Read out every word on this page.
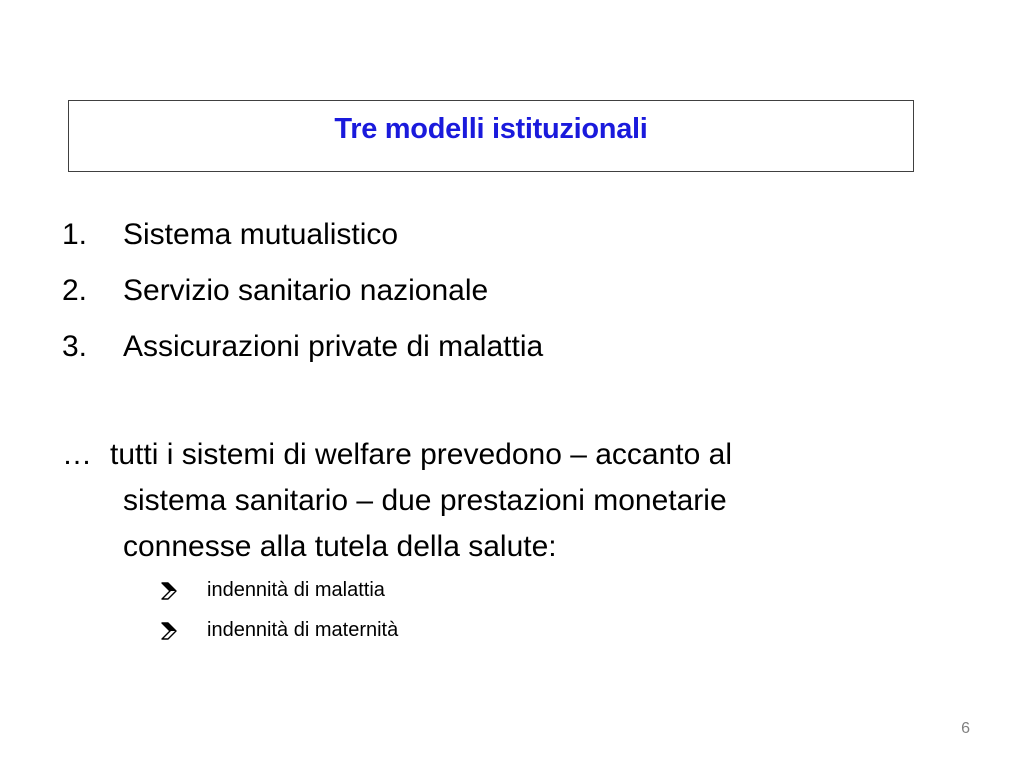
Tre modelli istituzionali
1. Sistema mutualistico
2. Servizio sanitario nazionale
3. Assicurazioni private di malattia
… tutti i sistemi di welfare prevedono – accanto al
sistema sanitario – due prestazioni monetarie
connesse alla tutela della salute:
indennità di malattia
indennità di maternità
6
